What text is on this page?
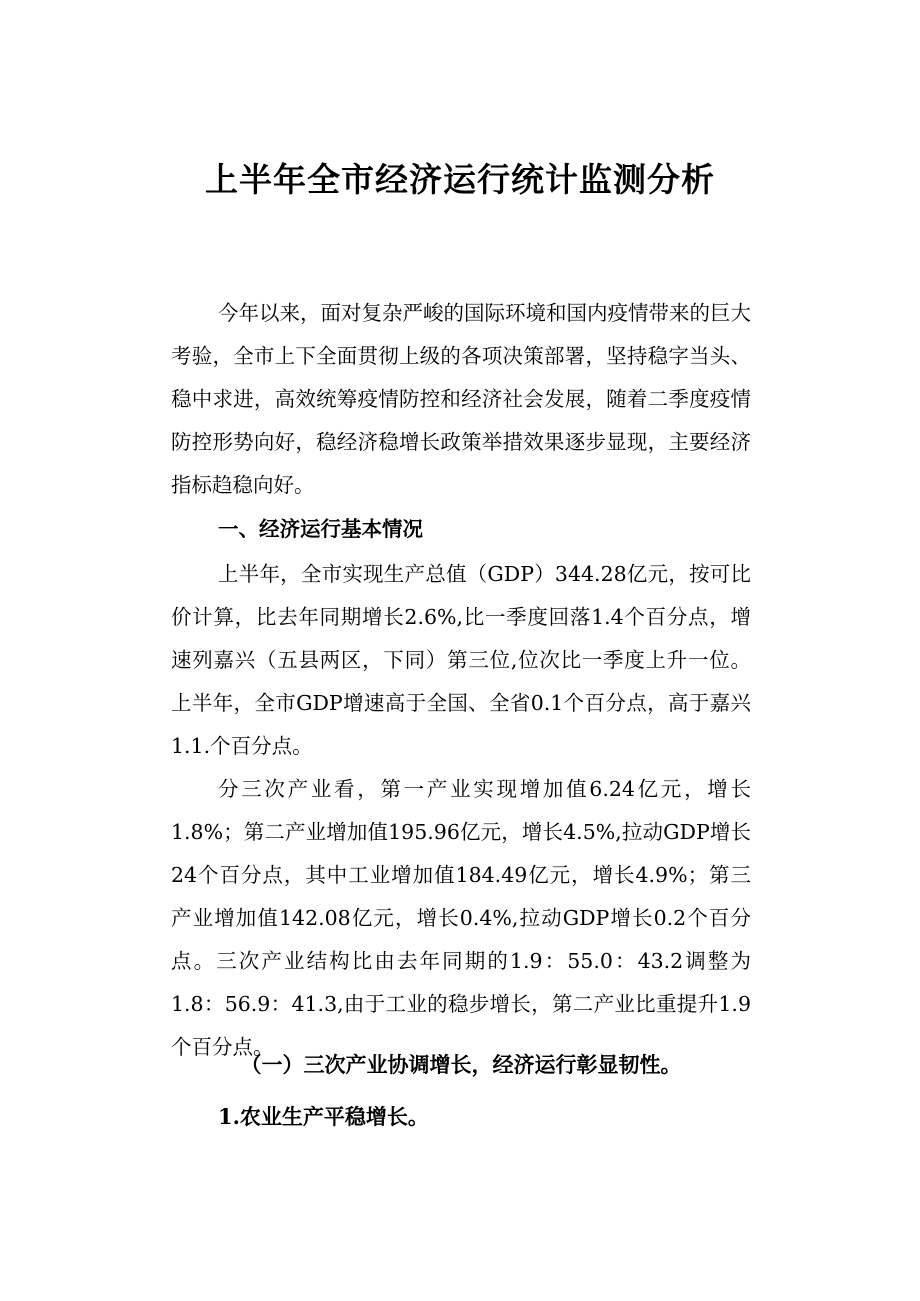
上半年全市经济运行统计监测分析

今年以来，面对复杂严峻的国际环境和国内疫情带来的巨大考验，全市上下全面贯彻上级的各项决策部署，坚持稳字当头、稳中求进，高效统筹疫情防控和经济社会发展，随着二季度疫情防控形势向好，稳经济稳增长政策举措效果逐步显现，主要经济指标趋稳向好。

一、经济运行基本情况

上半年，全市实现生产总值（GDP）344.28亿元，按可比价计算，比去年同期增长2.6%,比一季度回落1.4个百分点，增速列嘉兴（五县两区，下同）第三位,位次比一季度上升一位。上半年，全市GDP增速高于全国、全省0.1个百分点，高于嘉兴1.1.个百分点。

分三次产业看，第一产业实现增加值6.24亿元，增长1.8%；第二产业增加值195.96亿元，增长4.5%,拉动GDP增长24个百分点，其中工业增加值184.49亿元，增长4.9%；第三产业增加值142.08亿元，增长0.4%,拉动GDP增长0.2个百分点。三次产业结构比由去年同期的1.9：55.0：43.2调整为1.8：56.9：41.3,由于工业的稳步增长，第二产业比重提升1.9个百分点。

（一）三次产业协调增长，经济运行彰显韧性。
1.农业生产平稳增长。
